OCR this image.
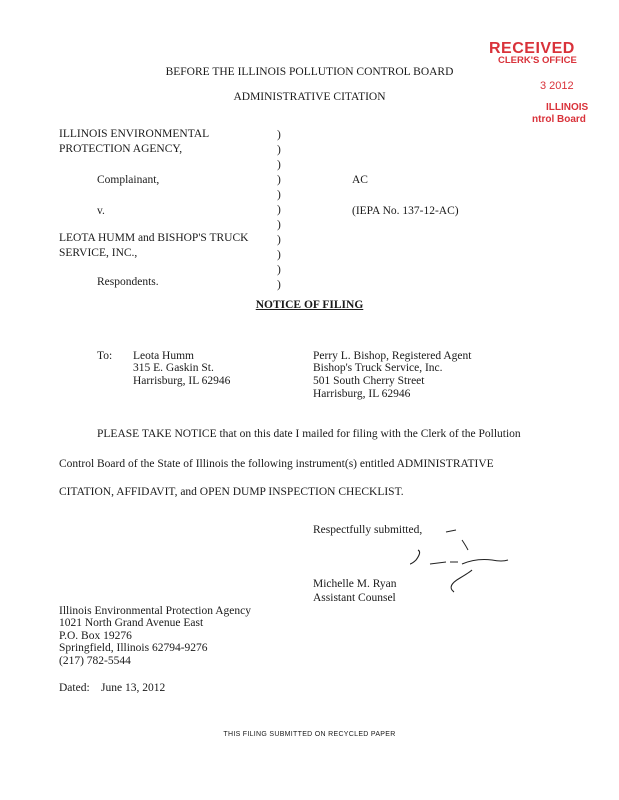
RECEIVED
CLERK'S OFFICE
3 2012
ILLINOIS
ntrol Board
BEFORE THE ILLINOIS POLLUTION CONTROL BOARD
ADMINISTRATIVE CITATION
ILLINOIS ENVIRONMENTAL
PROTECTION AGENCY,
Complainant,
v.
LEOTA HUMM and BISHOP'S TRUCK
SERVICE, INC.,
Respondents.
)
)
)
)
)
)
)
)
)
)
)
AC
(IEPA No. 137-12-AC)
NOTICE OF FILING
To: Leota Humm
315 E. Gaskin St.
Harrisburg, IL 62946
Perry L. Bishop, Registered Agent
Bishop's Truck Service, Inc.
501 South Cherry Street
Harrisburg, IL 62946
PLEASE TAKE NOTICE that on this date I mailed for filing with the Clerk of the Pollution
Control Board of the State of Illinois the following instrument(s) entitled ADMINISTRATIVE
CITATION, AFFIDAVIT, and OPEN DUMP INSPECTION CHECKLIST.
Respectfully submitted,
Michelle M. Ryan
Assistant Counsel
Illinois Environmental Protection Agency
1021 North Grand Avenue East
P.O. Box 19276
Springfield, Illinois 62794-9276
(217) 782-5544
Dated: June 13, 2012
THIS FILING SUBMITTED ON RECYCLED PAPER
